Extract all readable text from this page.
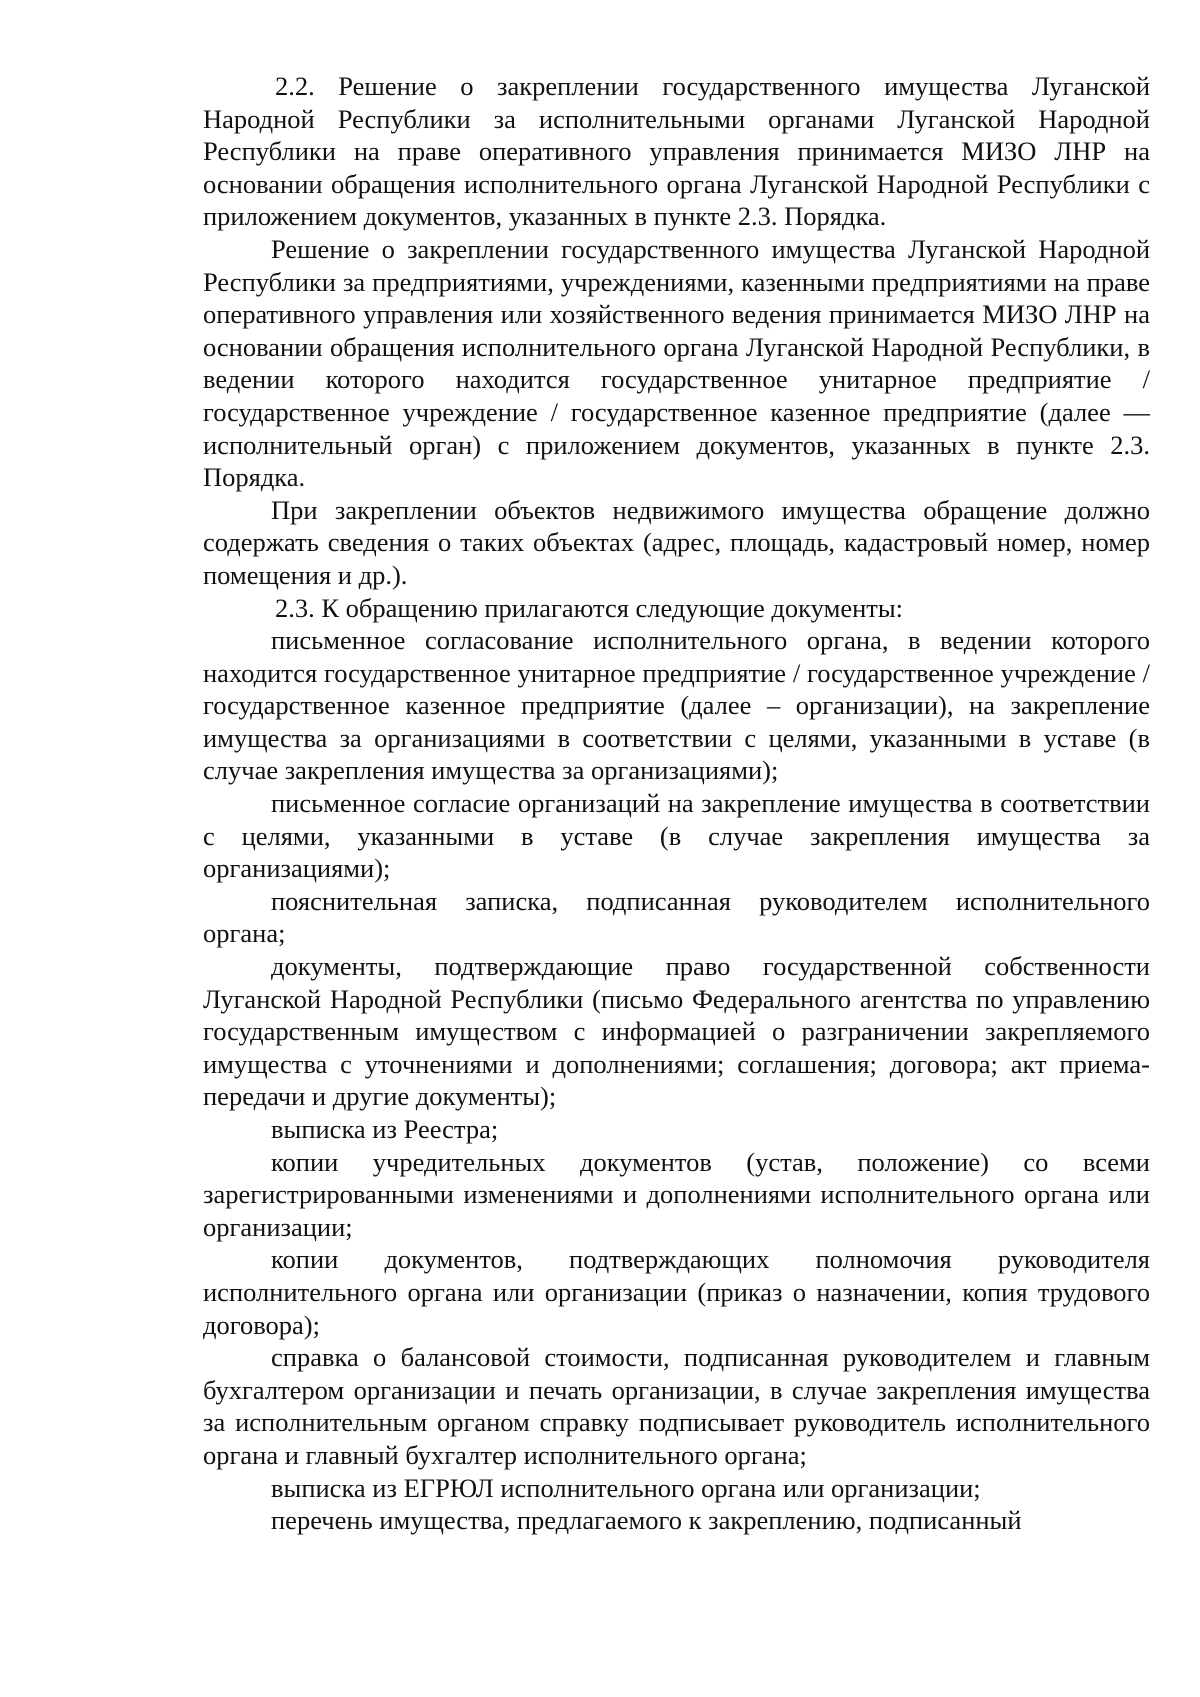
2.2. Решение о закреплении государственного имущества Луганской Народной Республики за исполнительными органами Луганской Народной Республики на праве оперативного управления принимается МИЗО ЛНР на основании обращения исполнительного органа Луганской Народной Республики с приложением документов, указанных в пункте 2.3. Порядка.

Решение о закреплении государственного имущества Луганской Народной Республики за предприятиями, учреждениями, казенными предприятиями на праве оперативного управления или хозяйственного ведения принимается МИЗО ЛНР на основании обращения исполнительного органа Луганской Народной Республики, в ведении которого находится государственное унитарное предприятие / государственное учреждение / государственное казенное предприятие (далее — исполнительный орган) с приложением документов, указанных в пункте 2.3. Порядка.

При закреплении объектов недвижимого имущества обращение должно содержать сведения о таких объектах (адрес, площадь, кадастровый номер, номер помещения и др.).

2.3. К обращению прилагаются следующие документы:

письменное согласование исполнительного органа, в ведении которого находится государственное унитарное предприятие / государственное учреждение / государственное казенное предприятие (далее – организации), на закрепление имущества за организациями в соответствии с целями, указанными в уставе (в случае закрепления имущества за организациями);

письменное согласие организаций на закрепление имущества в соответствии с целями, указанными в уставе (в случае закрепления имущества за организациями);

пояснительная записка, подписанная руководителем исполнительного органа;

документы, подтверждающие право государственной собственности Луганской Народной Республики (письмо Федерального агентства по управлению государственным имуществом с информацией о разграничении закрепляемого имущества с уточнениями и дополнениями; соглашения; договора; акт приема-передачи и другие документы);

выписка из Реестра;

копии учредительных документов (устав, положение) со всеми зарегистрированными изменениями и дополнениями исполнительного органа или организации;

копии документов, подтверждающих полномочия руководителя исполнительного органа или организации (приказ о назначении, копия трудового договора);

справка о балансовой стоимости, подписанная руководителем и главным бухгалтером организации и печать организации, в случае закрепления имущества за исполнительным органом справку подписывает руководитель исполнительного органа и главный бухгалтер исполнительного органа;

выписка из ЕГРЮЛ исполнительного органа или организации;

перечень имущества, предлагаемого к закреплению, подписанный
